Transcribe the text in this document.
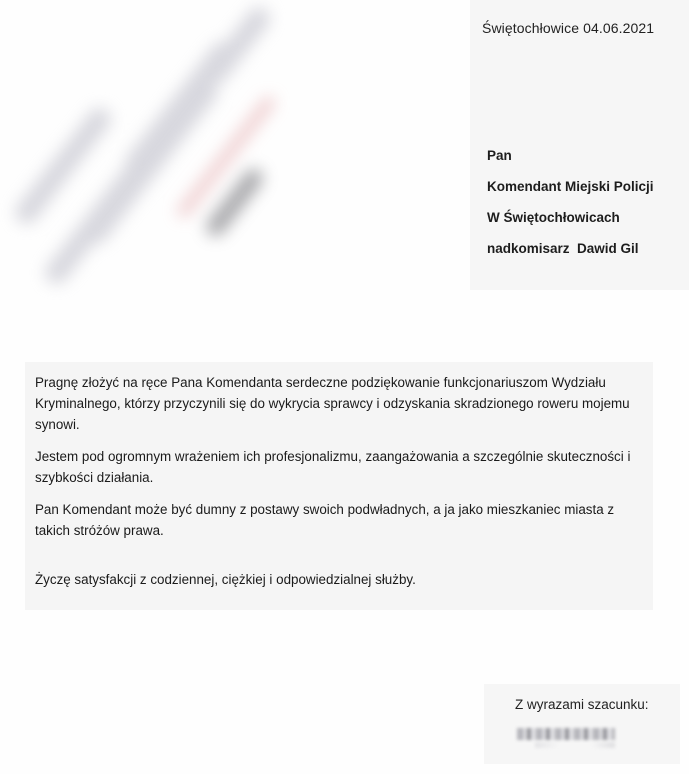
Świętochłowice 04.06.2021
Pan
Komendant Miejski Policji
W Świętochłowicach
nadkomisarz  Dawid Gil

Pragnę złożyć na ręce Pana Komendanta serdeczne podziękowanie funkcjonariuszom Wydziału Kryminalnego, którzy przyczynili się do wykrycia sprawcy i odzyskania skradzionego roweru mojemu synowi.

Jestem pod ogromnym wrażeniem ich profesjonalizmu, zaangażowania a szczególnie skuteczności i szybkości działania.

Pan Komendant może być dumny z postawy swoich podwładnych, a ja jako mieszkaniec miasta z takich stróżów prawa.

Życzę satysfakcji z codziennej, ciężkiej i odpowiedzialnej służby.

Z wyrazami szacunku:
